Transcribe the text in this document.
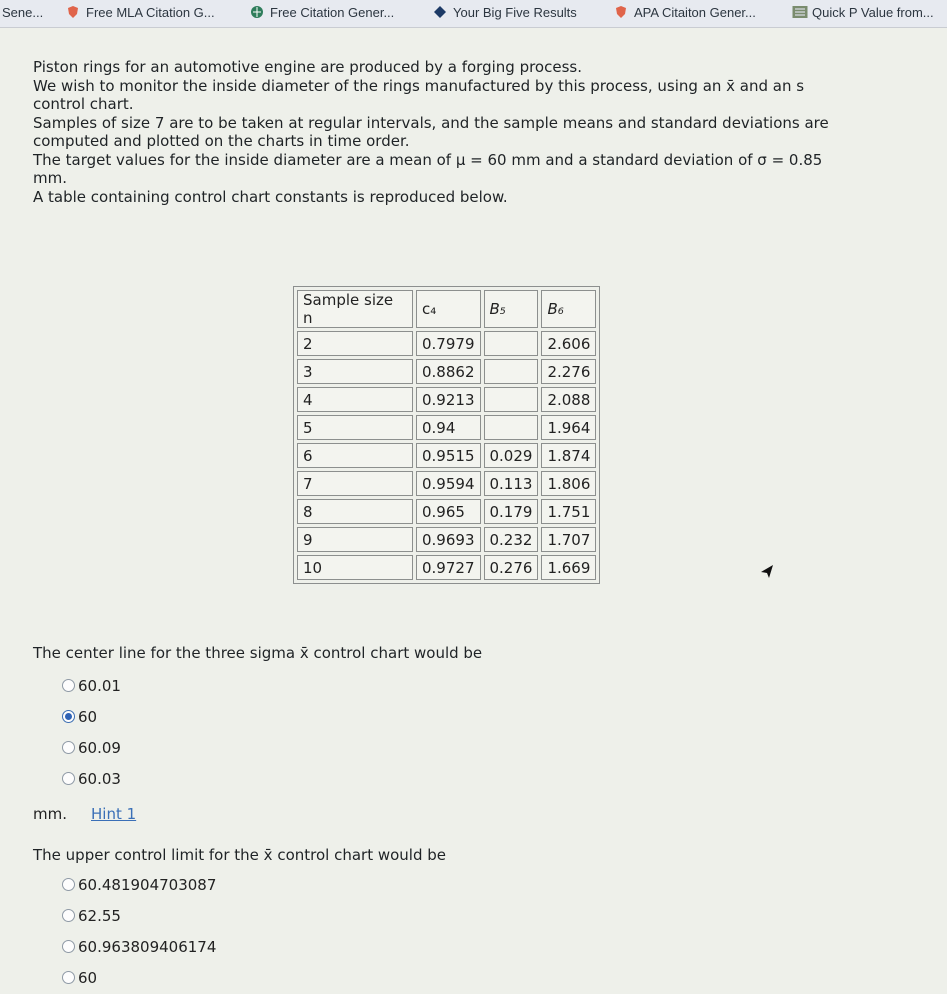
Sene...	Free MLA Citation G...	Free Citation Gener...	Your Big Five Results	APA Citaiton Gener...	Quick P Value from...

Piston rings for an automotive engine are produced by a forging process.

We wish to monitor the inside diameter of the rings manufactured by this process, using an x̄ and an s control chart.

Samples of size 7 are to be taken at regular intervals, and the sample means and standard deviations are computed and plotted on the charts in time order.

The target values for the inside diameter are a mean of μ = 60 mm and a standard deviation of σ = 0.85 mm.

A table containing control chart constants is reproduced below.

Sample size n	c₄	B₅	B₆
2	0.7979		2.606
3	0.8862		2.276
4	0.9213		2.088
5	0.94		1.964
6	0.9515	0.029	1.874
7	0.9594	0.113	1.806
8	0.965	0.179	1.751
9	0.9693	0.232	1.707
10	0.9727	0.276	1.669
The center line for the three sigma x̄ control chart would be
60.01
60
60.09
60.03
mm. Hint 1
The upper control limit for the x̄ control chart would be
60.481904703087
62.55
60.963809406174
60
